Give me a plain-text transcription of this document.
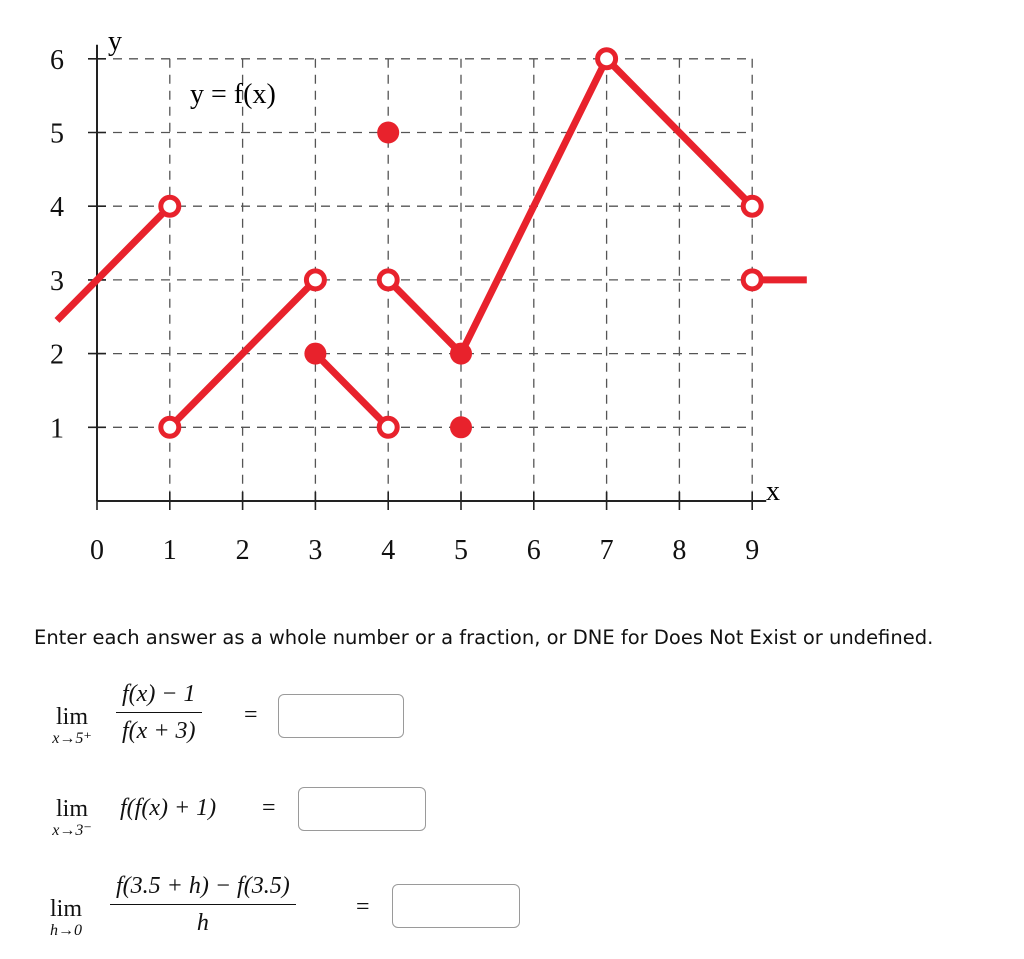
0 1 2 3 4 5 6 7 8 9
1
2
3
4
5
6
y
x
y = f(x)
Enter each answer as a whole number or a fraction, or DNE for Does Not Exist or undefined.
lim
x→5⁺
f(x) − 1
f(x + 3)
=
lim
x→3⁻
f(f(x) + 1) =
lim
h→0
f(3.5 + h) − f(3.5)
h
=
